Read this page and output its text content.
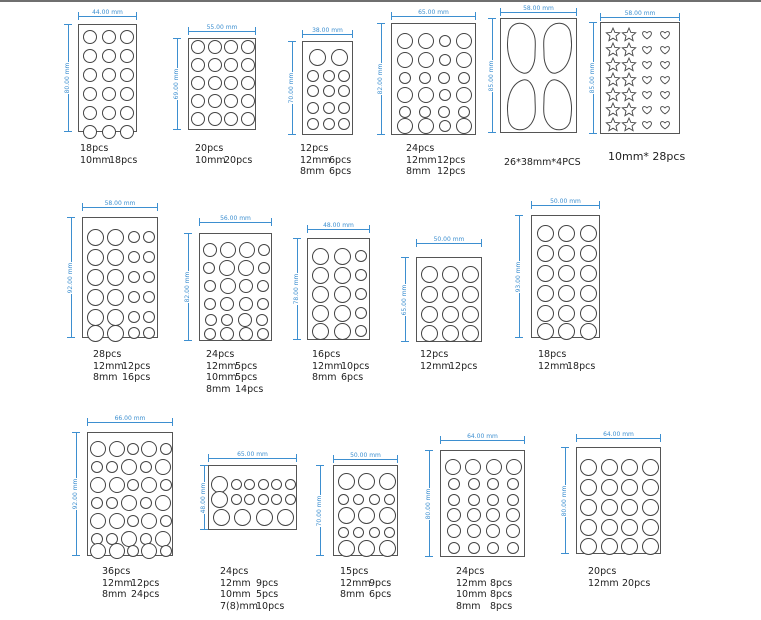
44.00 mm
80.00 mm
18pcs
10mm18pcs
55.00 mm
69.00 mm
20pcs
10mm20pcs
38.00 mm
70.00 mm
12pcs
12mm6pcs
8mm 6pcs
65.00 mm
82.00 mm
24pcs
12mm12pcs
8mm 12pcs
58.00 mm
85.00 mm
26*38mm*4PCS
58.00 mm
85.00 mm
10mm* 28pcs
58.00 mm
92.00 mm
28pcs
12mm12pcs
8mm 16pcs
56.00 mm
82.00 mm
24pcs
12mm5pcs
10mm5pcs
8mm 14pcs
48.00 mm
78.00 mm
16pcs
12mm10pcs
8mm 6pcs
50.00 mm
65.00 mm
12pcs
12mm12pcs
50.00 mm
93.00 mm
18pcs
12mm18pcs
66.00 mm
92.00 mm
36pcs
12mm12pcs
8mm 24pcs
65.00 mm
48.00 mm
24pcs
12mm 9pcs
10mm 5pcs
7(8)mm10pcs
50.00 mm
70.00 mm
15pcs
12mm9pcs
8mm 6pcs
64.00 mm
80.00 mm
24pcs
12mm 8pcs
10mm 8pcs
8mm 8pcs
64.00 mm
80.00 mm
20pcs
12mm 20pcs
